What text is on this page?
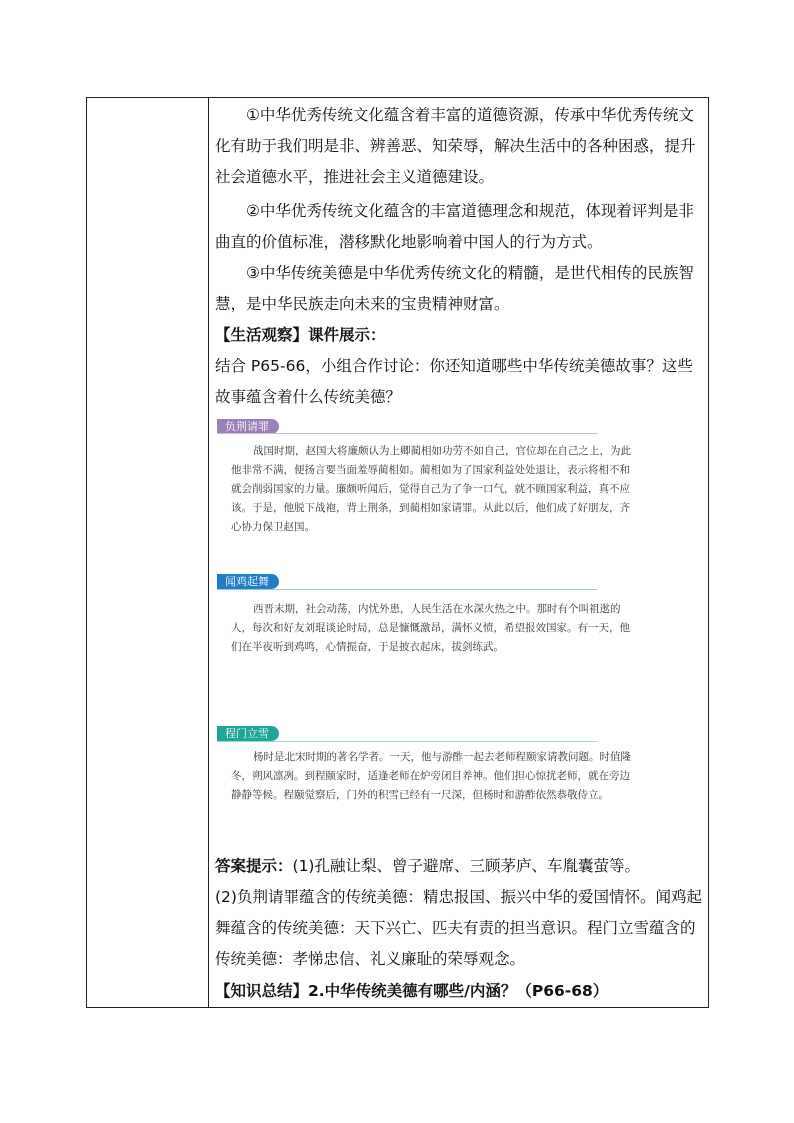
①中华优秀传统文化蕴含着丰富的道德资源，传承中华优秀传统文化有助于我们明是非、辨善恶、知荣辱，解决生活中的各种困惑，提升社会道德水平，推进社会主义道德建设。

②中华优秀传统文化蕴含的丰富道德理念和规范，体现着评判是非曲直的价值标准，潜移默化地影响着中国人的行为方式。

③中华传统美德是中华优秀传统文化的精髓，是世代相传的民族智慧，是中华民族走向未来的宝贵精神财富。

【生活观察】课件展示：

结合 P65-66，小组合作讨论：你还知道哪些中华传统美德故事？这些故事蕴含着什么传统美德？

负荆请罪

战国时期，赵国大将廉颇认为上卿蔺相如功劳不如自己，官位却在自己之上，为此他非常不满，便扬言要当面羞辱蔺相如。蔺相如为了国家利益处处退让，表示将相不和就会削弱国家的力量。廉颇听闻后，觉得自己为了争一口气，就不顾国家利益，真不应该。于是，他脱下战袍，背上荆条，到蔺相如家请罪。从此以后，他们成了好朋友，齐心协力保卫赵国。

闻鸡起舞

西晋末期，社会动荡，内忧外患，人民生活在水深火热之中。那时有个叫祖逖的人，每次和好友刘琨谈论时局，总是慷慨激昂，满怀义愤，希望报效国家。有一天，他们在半夜听到鸡鸣，心情振奋，于是披衣起床，拔剑练武。

程门立雪

杨时是北宋时期的著名学者。一天，他与游酢一起去老师程颐家请教问题。时值隆冬，朔风凛冽。到程颐家时，适逢老师在炉旁闭目养神。他们担心惊扰老师，就在旁边静静等候。程颐觉察后，门外的积雪已经有一尺深，但杨时和游酢依然恭敬侍立。

答案提示：(1)孔融让梨、曾子避席、三顾茅庐、车胤囊萤等。

(2)负荆请罪蕴含的传统美德：精忠报国、振兴中华的爱国情怀。闻鸡起舞蕴含的传统美德：天下兴亡、匹夫有责的担当意识。程门立雪蕴含的传统美德：孝悌忠信、礼义廉耻的荣辱观念。

【知识总结】2.中华传统美德有哪些/内涵？（P66-68）
